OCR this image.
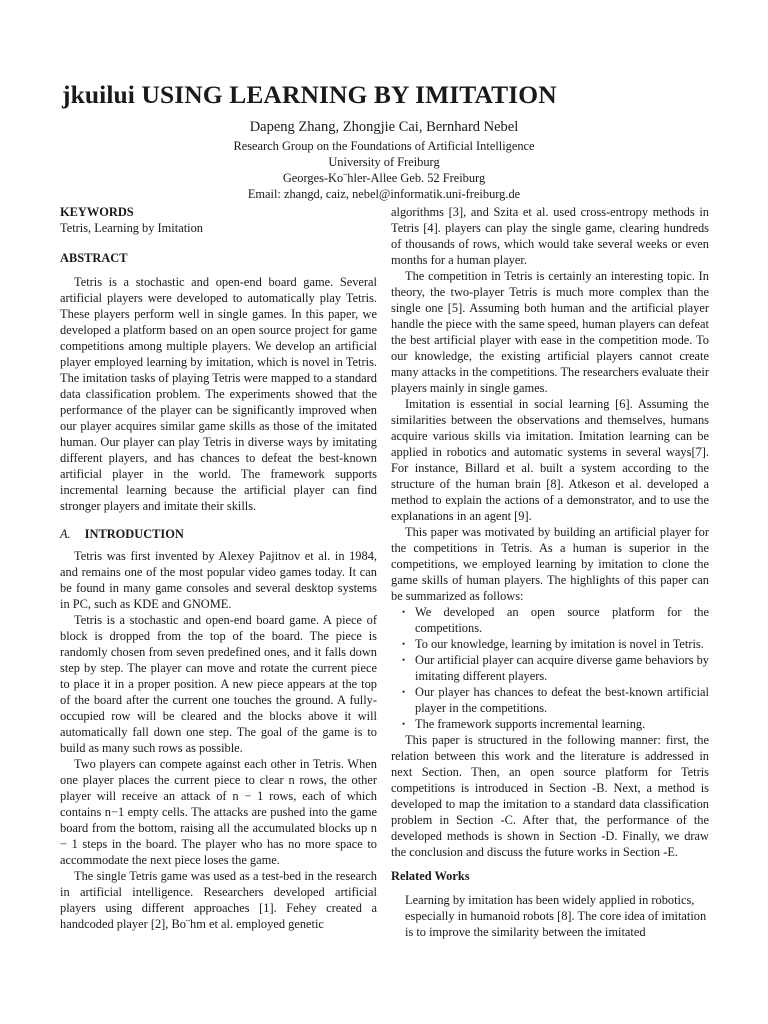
jkuilui USING LEARNING BY IMITATION
Dapeng Zhang, Zhongjie Cai, Bernhard Nebel
Research Group on the Foundations of Artificial Intelligence
University of Freiburg
Georges-Ko¨hler-Allee Geb. 52 Freiburg
Email: zhangd, caiz, nebel@informatik.uni-freiburg.de

KEYWORDS

Tetris, Learning by Imitation

ABSTRACT

Tetris is a stochastic and open-end board game. Several artificial players were developed to automatically play Tetris. These players perform well in single games. In this paper, we developed a platform based on an open source project for game competitions among multiple players. We develop an artificial player employed learning by imitation, which is novel in Tetris. The imitation tasks of playing Tetris were mapped to a standard data classification problem. The experiments showed that the performance of the player can be significantly improved when our player acquires similar game skills as those of the imitated human. Our player can play Tetris in diverse ways by imitating different players, and has chances to defeat the best-known artificial player in the world. The framework supports incremental learning because the artificial player can find stronger players and imitate their skills.

A. INTRODUCTION

Tetris was first invented by Alexey Pajitnov et al. in 1984, and remains one of the most popular video games today. It can be found in many game consoles and several desktop systems in PC, such as KDE and GNOME.

Tetris is a stochastic and open-end board game. A piece of block is dropped from the top of the board. The piece is randomly chosen from seven predefined ones, and it falls down step by step. The player can move and rotate the current piece to place it in a proper position. A new piece appears at the top of the board after the current one touches the ground. A fully-occupied row will be cleared and the blocks above it will automatically fall down one step. The goal of the game is to build as many such rows as possible.

Two players can compete against each other in Tetris. When one player places the current piece to clear n rows, the other player will receive an attack of n − 1 rows, each of which contains n−1 empty cells. The attacks are pushed into the game board from the bottom, raising all the accumulated blocks up n − 1 steps in the board. The player who has no more space to accommodate the next piece loses the game.

The single Tetris game was used as a test-bed in the research in artificial intelligence. Researchers developed artificial players using different approaches [1]. Fehey created a handcoded player [2], Bo¨hm et al. employed genetic

algorithms [3], and Szita et al. used cross-entropy methods in Tetris [4]. players can play the single game, clearing hundreds of thousands of rows, which would take several weeks or even months for a human player.

The competition in Tetris is certainly an interesting topic. In theory, the two-player Tetris is much more complex than the single one [5]. Assuming both human and the artificial player handle the piece with the same speed, human players can defeat the best artificial player with ease in the competition mode. To our knowledge, the existing artificial players cannot create many attacks in the competitions. The researchers evaluate their players mainly in single games.

Imitation is essential in social learning [6]. Assuming the similarities between the observations and themselves, humans acquire various skills via imitation. Imitation learning can be applied in robotics and automatic systems in several ways[7]. For instance, Billard et al. built a system according to the structure of the human brain [8]. Atkeson et al. developed a method to explain the actions of a demonstrator, and to use the explanations in an agent [9].

This paper was motivated by building an artificial player for the competitions in Tetris. As a human is superior in the competitions, we employed learning by imitation to clone the game skills of human players. The highlights of this paper can be summarized as follows:

• We developed an open source platform for the competitions.
• To our knowledge, learning by imitation is novel in Tetris.
• Our artificial player can acquire diverse game behaviors by imitating different players.
• Our player has chances to defeat the best-known artificial player in the competitions.
• The framework supports incremental learning.

This paper is structured in the following manner: first, the relation between this work and the literature is addressed in next Section. Then, an open source platform for Tetris competitions is introduced in Section -B. Next, a method is developed to map the imitation to a standard data classification problem in Section -C. After that, the performance of the developed methods is shown in Section -D. Finally, we draw the conclusion and discuss the future works in Section -E.

Related Works

Learning by imitation has been widely applied in robotics, especially in humanoid robots [8]. The core idea of imitation is to improve the similarity between the imitated
